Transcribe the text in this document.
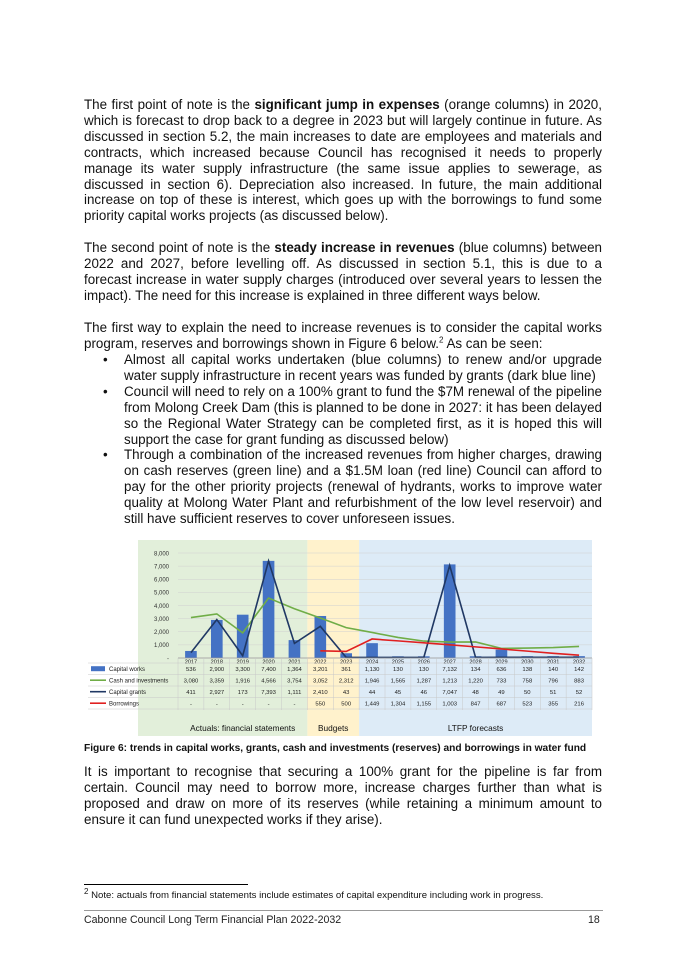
The first point of note is the significant jump in expenses (orange columns) in 2020, which is forecast to drop back to a degree in 2023 but will largely continue in future. As discussed in section 5.2, the main increases to date are employees and materials and contracts, which increased because Council has recognised it needs to properly manage its water supply infrastructure (the same issue applies to sewerage, as discussed in section 6). Depreciation also increased. In future, the main additional increase on top of these is interest, which goes up with the borrowings to fund some priority capital works projects (as discussed below).

The second point of note is the steady increase in revenues (blue columns) between 2022 and 2027, before levelling off. As discussed in section 5.1, this is due to a forecast increase in water supply charges (introduced over several years to lessen the impact). The need for this increase is explained in three different ways below.

The first way to explain the need to increase revenues is to consider the capital works program, reserves and borrowings shown in Figure 6 below.$^2$ As can be seen:

• Almost all capital works undertaken (blue columns) to renew and/or upgrade water supply infrastructure in recent years was funded by grants (dark blue line)
• Council will need to rely on a 100% grant to fund the $7M renewal of the pipeline from Molong Creek Dam (this is planned to be done in 2027: it has been delayed so the Regional Water Strategy can be completed first, as it is hoped this will support the case for grant funding as discussed below)
• Through a combination of the increased revenues from higher charges, drawing on cash reserves (green line) and a $1.5M loan (red line) Council can afford to pay for the other priority projects (renewal of hydrants, works to improve water quality at Molong Water Plant and refurbishment of the low level reservoir) and still have sufficient reserves to cover unforeseen issues.
Actuals: financial statements	Budgets	LTFP forecasts
8,000
7,000
6,000
5,000
4,000
3,000
2,000
1,000
-	2017 2018 2019 2020 2021 2022 2023 2024 2025 2026 2027 2028 2029 2030 2031 2032
Capital works	536 2,900 3,300 7,400 1,364 3,201 361 1,130 130	130 7,132 134	636	138	140	142
Cash and investments	3,080 3,359 1,916 4,566 3,754 3,052 2,312 1,946 1,565 1,287 1,213 1,220 733	758	796	883
Capital grants	411 2,927 173 7,393 1,111 2,410	43	44	45	46	7,047	48	49	50	51	52
Borrowings	-	-	-	-	-	550	500 1,449 1,304 1,155 1,003 847	687	523	355	216
Figure 6: trends in capital works, grants, cash and investments (reserves) and borrowings in water fund

It is important to recognise that securing a 100% grant for the pipeline is far from certain. Council may need to borrow more, increase charges further than what is proposed and draw on more of its reserves (while retaining a minimum amount to ensure it can fund unexpected works if they arise).

$^2$ Note: actuals from financial statements include estimates of capital expenditure including work in progress.
Cabonne Council Long Term Financial Plan 2022-2032	18
